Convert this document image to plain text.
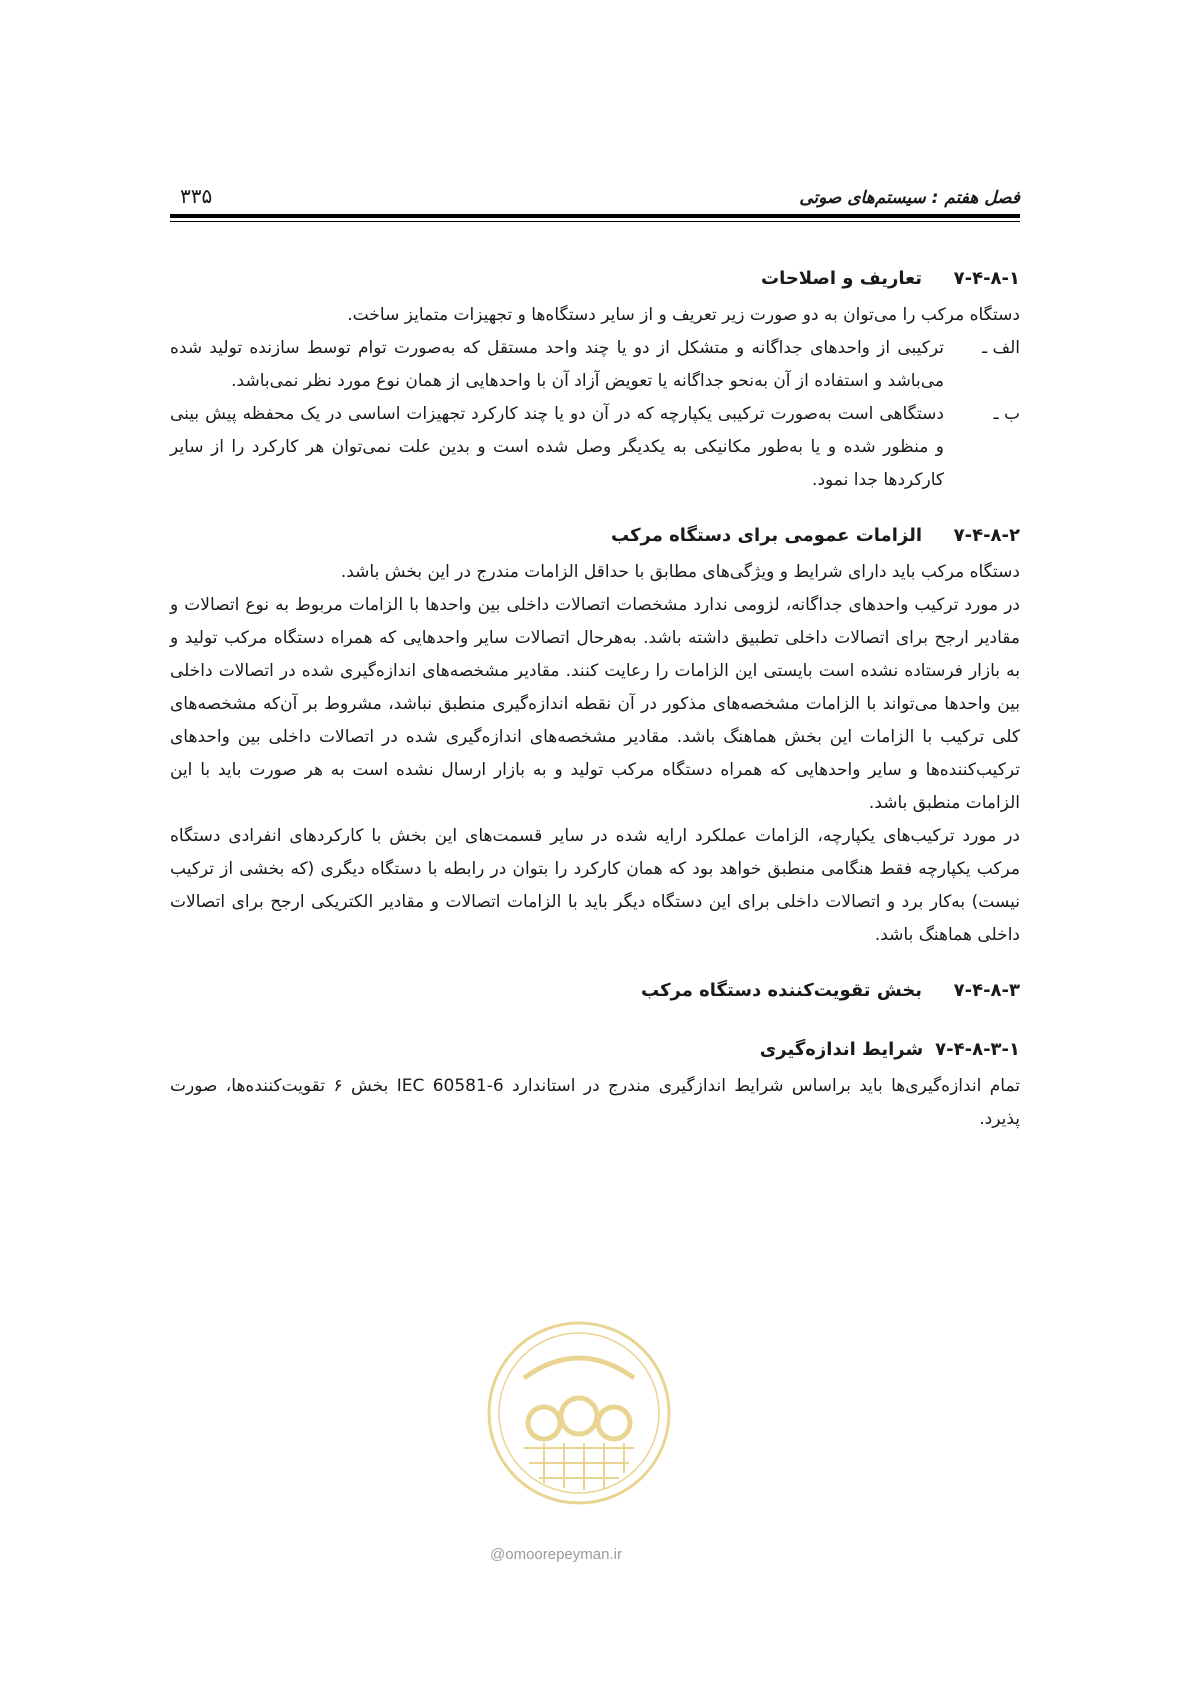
فصل هفتم : سیستم‌های صوتی
۳۳۵
۷-۴-۸-۱
تعاریف و اصلاحات

دستگاه مرکب را می‌توان به دو صورت زیر تعریف و از سایر دستگاه‌ها و تجهیزات متمایز ساخت.

الف ـ
ترکیبی از واحدهای جداگانه و متشکل از دو یا چند واحد مستقل که به‌صورت توام توسط سازنده تولید شده می‌باشد و استفاده از آن به‌نحو جداگانه یا تعویض آزاد آن با واحدهایی از همان نوع مورد نظر نمی‌باشد.
ب ـ
دستگاهی است به‌صورت ترکیبی یکپارچه که در آن دو یا چند کارکرد تجهیزات اساسی در یک محفظه پیش بینی و منظور شده و یا به‌طور مکانیکی به یکدیگر وصل شده است و بدین علت نمی‌توان هر کارکرد را از سایر کارکردها جدا نمود.
۷-۴-۸-۲
الزامات عمومی برای دستگاه مرکب

دستگاه مرکب باید دارای شرایط و ویژگی‌های مطابق با حداقل الزامات مندرج در این بخش باشد.

در مورد ترکیب واحدهای جداگانه، لزومی ندارد مشخصات اتصالات داخلی بین واحدها با الزامات مربوط به نوع اتصالات و مقادیر ارجح برای اتصالات داخلی تطبیق داشته باشد. به‌هرحال اتصالات سایر واحدهایی که همراه دستگاه مرکب تولید و به بازار فرستاده نشده است بایستی این الزامات را رعایت کنند. مقادیر مشخصه‌های اندازه‌گیری شده در اتصالات داخلی بین واحدها می‌تواند با الزامات مشخصه‌های مذکور در آن نقطه اندازه‌گیری منطبق نباشد، مشروط بر آن‌که مشخصه‌های کلی ترکیب با الزامات این بخش هماهنگ باشد. مقادیر مشخصه‌های اندازه‌گیری شده در اتصالات داخلی بین واحدهای ترکیب‌کننده‌ها و سایر واحدهایی که همراه دستگاه مرکب تولید و به بازار ارسال نشده است به هر صورت باید با این الزامات منطبق باشد.

در مورد ترکیب‌های یکپارچه، الزامات عملکرد ارایه شده در سایر قسمت‌های این بخش با کارکردهای انفرادی دستگاه مرکب یکپارچه فقط هنگامی منطبق خواهد بود که همان کارکرد را بتوان در رابطه با دستگاه دیگری (که بخشی از ترکیب نیست) به‌کار برد و اتصالات داخلی برای این دستگاه دیگر باید با الزامات اتصالات و مقادیر الکتریکی ارجح برای اتصالات داخلی هماهنگ باشد.

۷-۴-۸-۳
بخش تقویت‌کننده دستگاه مرکب
۷-۴-۸-۳-۱
شرایط اندازه‌گیری

تمام اندازه‌گیری‌ها باید براساس شرایط اندازگیری مندرج در استاندارد IEC 60581-6 بخش ۶ تقویت‌کننده‌ها، صورت پذیرد.

@omoorepeyman.ir
